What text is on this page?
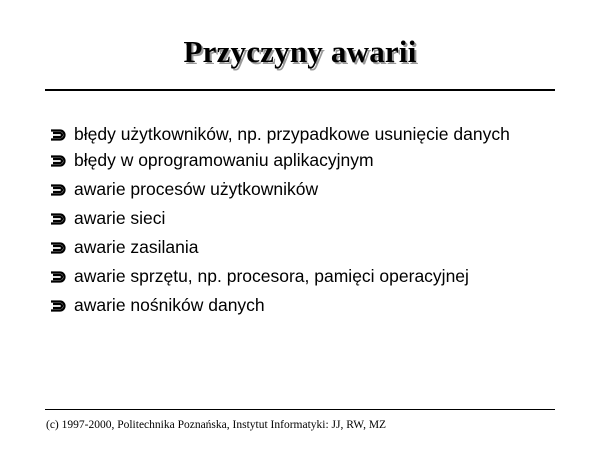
Przyczyny awarii
błędy użytkowników, np. przypadkowe usunięcie danych
błędy w oprogramowaniu aplikacyjnym
awarie procesów użytkowników
awarie sieci
awarie zasilania
awarie sprzętu, np. procesora, pamięci operacyjnej
awarie nośników danych
(c) 1997-2000, Politechnika Poznańska, Instytut Informatyki: JJ, RW, MZ
